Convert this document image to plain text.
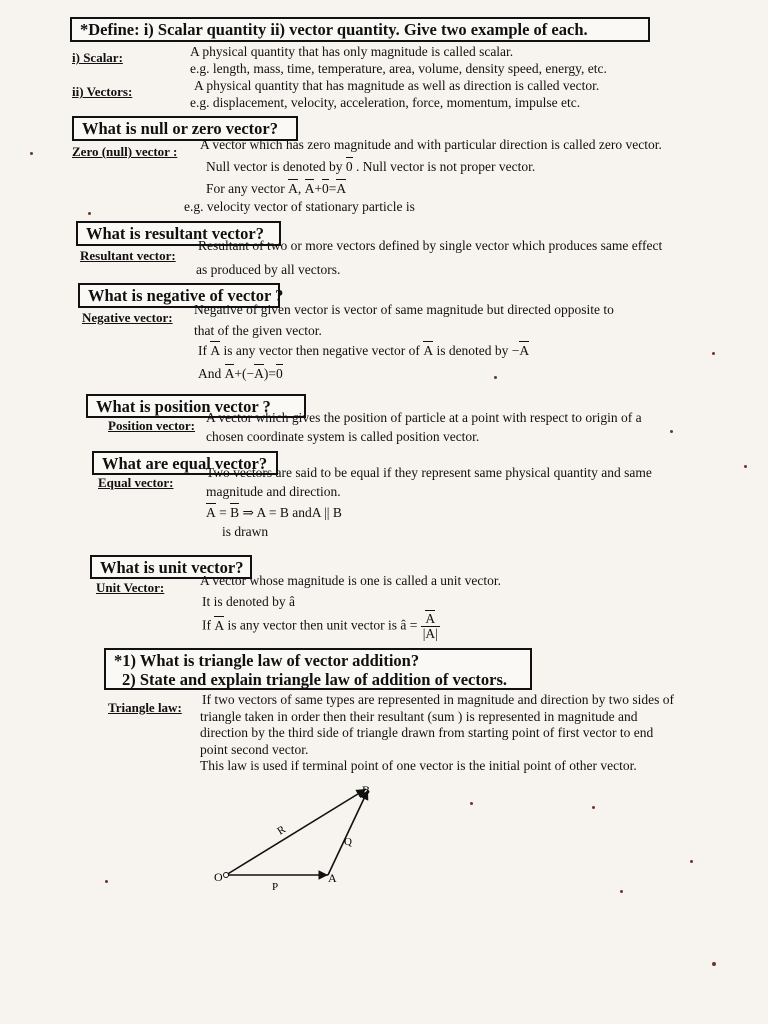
*Define: i) Scalar quantity ii) vector quantity. Give two example of each.
i) Scalar:	A physical quantity that has only magnitude is called scalar.
e.g. length, mass, time, temperature, area, volume, density speed, energy, etc.
ii) Vectors:	A physical quantity that has magnitude as well as direction is called vector.
e.g. displacement, velocity, acceleration, force, momentum, impulse etc.
What is null or zero vector?
Zero (null) vector : A vector which has zero magnitude and with particular direction is called zero vector.
Null vector is denoted by 0 . Null vector is not proper vector.
For any vector A, A+0=A
e.g. velocity vector of stationary particle is
What is resultant vector?
Resultant vector:
Resultant of two or more vectors defined by single vector which produces same effect
as produced by all vectors.
What is negative of vector ?
Negative vector:
Negative of given vector is vector of same magnitude but directed opposite to
that of the given vector.
If A is any vector then negative vector of A is denoted by −A
And A+(−A)=0
What is position vector ?
Position vector:
A vector which gives the position of particle at a point with respect to origin of a
chosen coordinate system is called position vector.
What are equal vector?
Equal vector:
Two vectors are said to be equal if they represent same physical quantity and same
magnitude and direction.
A = B ⇒ A = B andA || B
is drawn
What is unit vector?
Unit Vector:	A vector whose magnitude is one is called a unit vector.
It is denoted by â
If A is any vector then unit vector is â = $\frac{A}{|A|}$
*1) What is triangle law of vector addition?
2) State and explain triangle law of addition of vectors.
Triangle law:
If two vectors of same types are represented in magnitude and direction by two sides of
triangle taken in order then their resultant (sum ) is represented in magnitude and
direction by the third side of triangle drawn from starting point of first vector to end
point second vector.
This law is used if terminal point of one vector is the initial point of other vector.
O	A
B
P
Q
R
